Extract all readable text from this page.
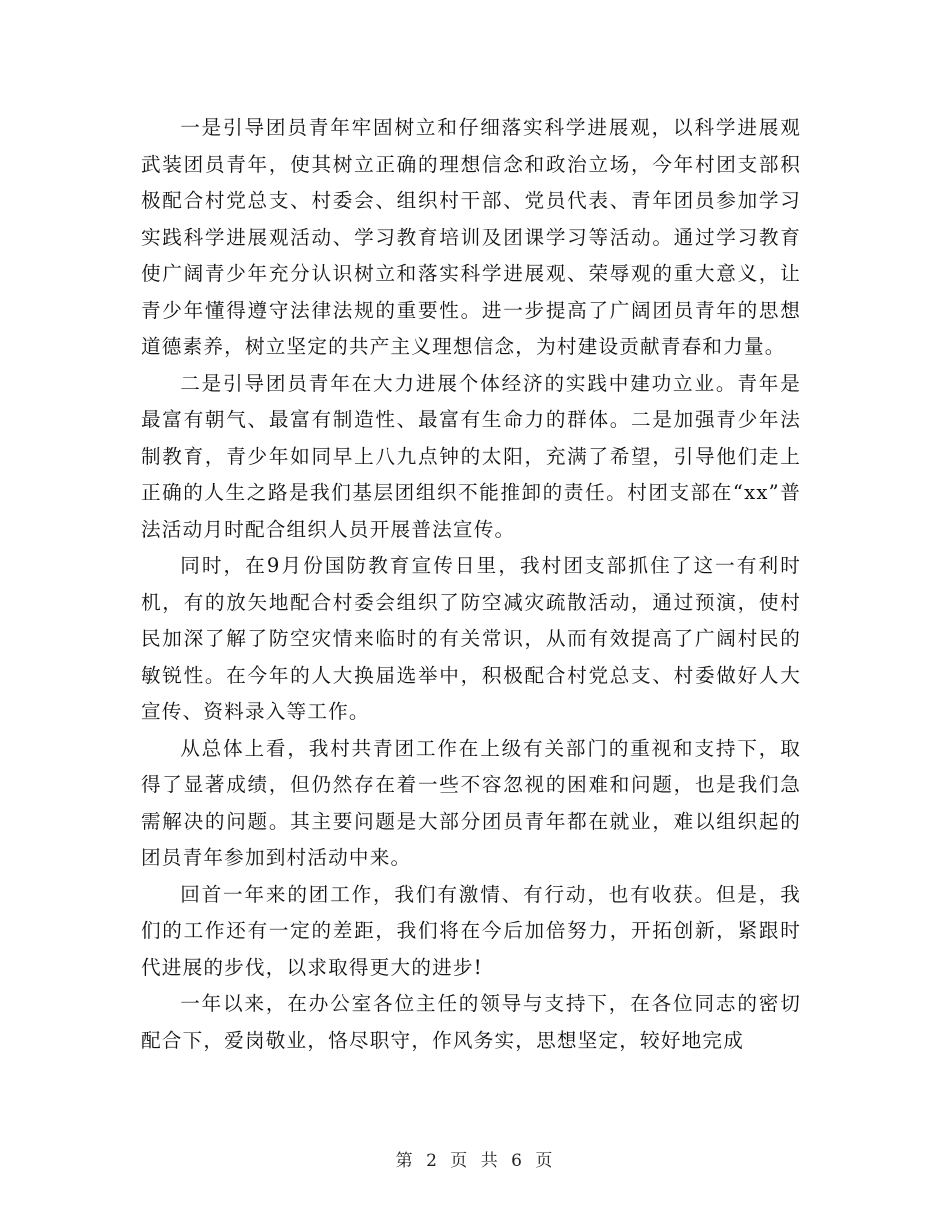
一是引导团员青年牢固树立和仔细落实科学进展观，以科学进展观武装团员青年，使其树立正确的理想信念和政治立场，今年村团支部积极配合村党总支、村委会、组织村干部、党员代表、青年团员参加学习实践科学进展观活动、学习教育培训及团课学习等活动。通过学习教育使广阔青少年充分认识树立和落实科学进展观、荣辱观的重大意义，让青少年懂得遵守法律法规的重要性。进一步提高了广阔团员青年的思想道德素养，树立坚定的共产主义理想信念，为村建设贡献青春和力量。

二是引导团员青年在大力进展个体经济的实践中建功立业。青年是最富有朝气、最富有制造性、最富有生命力的群体。二是加强青少年法制教育，青少年如同早上八九点钟的太阳，充满了希望，引导他们走上正确的人生之路是我们基层团组织不能推卸的责任。村团支部在“xx”普法活动月时配合组织人员开展普法宣传。

同时，在9月份国防教育宣传日里，我村团支部抓住了这一有利时机，有的放矢地配合村委会组织了防空减灾疏散活动，通过预演，使村民加深了解了防空灾情来临时的有关常识，从而有效提高了广阔村民的敏锐性。在今年的人大换届选举中，积极配合村党总支、村委做好人大宣传、资料录入等工作。

从总体上看，我村共青团工作在上级有关部门的重视和支持下，取得了显著成绩，但仍然存在着一些不容忽视的困难和问题，也是我们急需解决的问题。其主要问题是大部分团员青年都在就业，难以组织起的团员青年参加到村活动中来。

回首一年来的团工作，我们有激情、有行动，也有收获。但是，我们的工作还有一定的差距，我们将在今后加倍努力，开拓创新，紧跟时代进展的步伐，以求取得更大的进步!

一年以来，在办公室各位主任的领导与支持下，在各位同志的密切配合下，爱岗敬业，恪尽职守，作风务实，思想坚定，较好地完成

第 2 页 共 6 页
